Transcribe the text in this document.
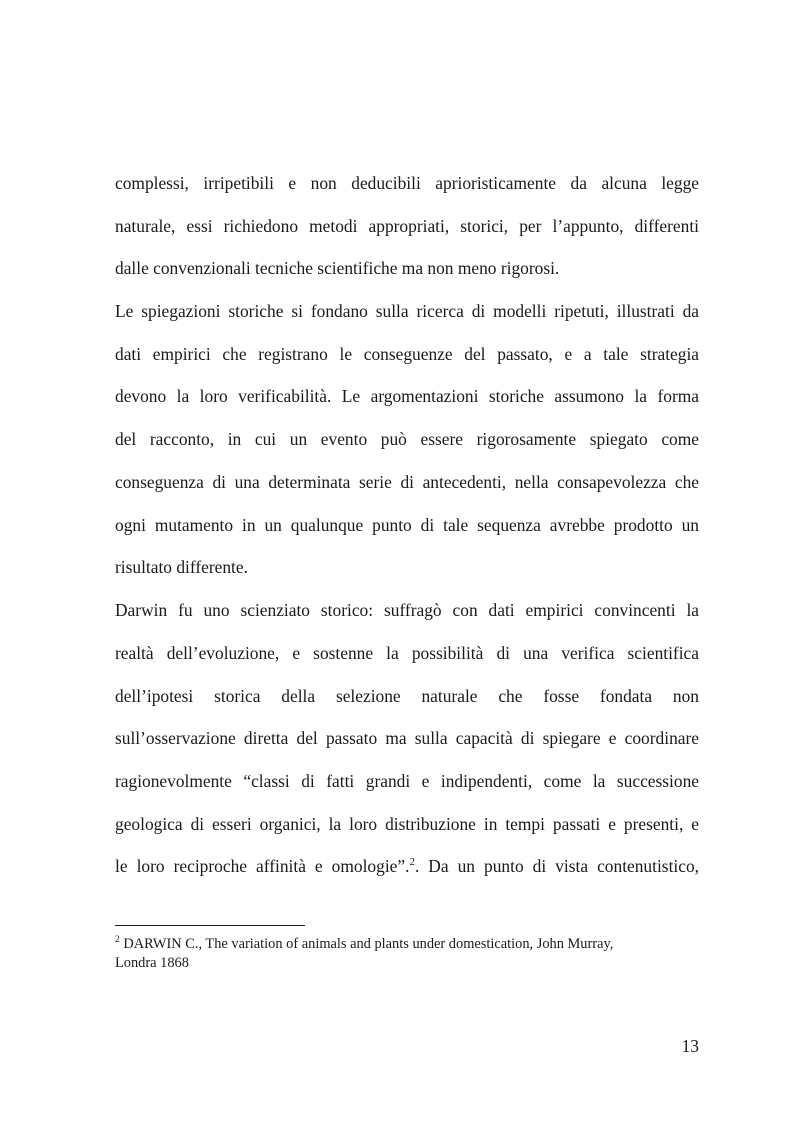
complessi, irripetibili e non deducibili aprioristicamente da alcuna legge

naturale, essi richiedono metodi appropriati, storici, per l’appunto, differenti

dalle convenzionali tecniche scientifiche ma non meno rigorosi.

Le spiegazioni storiche si fondano sulla ricerca di modelli ripetuti, illustrati da

dati empirici che registrano le conseguenze del passato, e a tale strategia

devono la loro verificabilità. Le argomentazioni storiche assumono la forma

del racconto, in cui un evento può essere rigorosamente spiegato come

conseguenza di una determinata serie di antecedenti, nella consapevolezza che

ogni mutamento in un qualunque punto di tale sequenza avrebbe prodotto un

risultato differente.

Darwin fu uno scienziato storico: suffragò con dati empirici convincenti la

realtà dell’evoluzione, e sostenne la possibilità di una verifica scientifica

dell’ipotesi storica della selezione naturale che fosse fondata non

sull’osservazione diretta del passato ma sulla capacità di spiegare e coordinare

ragionevolmente “classi di fatti grandi e indipendenti, come la successione

geologica di esseri organici, la loro distribuzione in tempi passati e presenti, e

le loro reciproche affinità e omologie”.$^2$. Da un punto di vista contenutistico,

$^2$ DARWIN C., The variation of animals and plants under domestication, John Murray,

Londra 1868

13
